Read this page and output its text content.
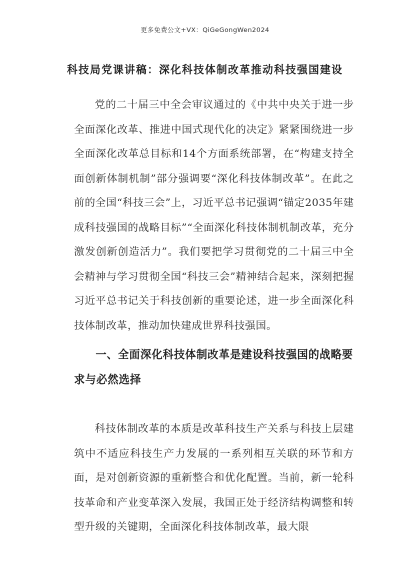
更多免费公文+VX：QiGeGongWen2024
科技局党课讲稿：深化科技体制改革推动科技强国建设
党的二十届三中全会审议通过的《中共中央关于进一步全面深化改革、推进中国式现代化的决定》紧紧围绕进一步全面深化改革总目标和14个方面系统部署，在“构建支持全面创新体制机制”部分强调要“深化科技体制改革”。在此之前的全国“科技三会”上，习近平总书记强调“锚定2035年建成科技强国的战略目标”“全面深化科技体制机制改革，充分激发创新创造活力”。我们要把学习贯彻党的二十届三中全会精神与学习贯彻全国“科技三会”精神结合起来，深刻把握习近平总书记关于科技创新的重要论述，进一步全面深化科技体制改革，推动加快建成世界科技强国。
一、全面深化科技体制改革是建设科技强国的战略要求与必然选择
科技体制改革的本质是改革科技生产关系与科技上层建筑中不适应科技生产力发展的一系列相互关联的环节和方面，是对创新资源的重新整合和优化配置。当前，新一轮科技革命和产业变革深入发展，我国正处于经济结构调整和转型升级的关键期，全面深化科技体制改革，最大限
